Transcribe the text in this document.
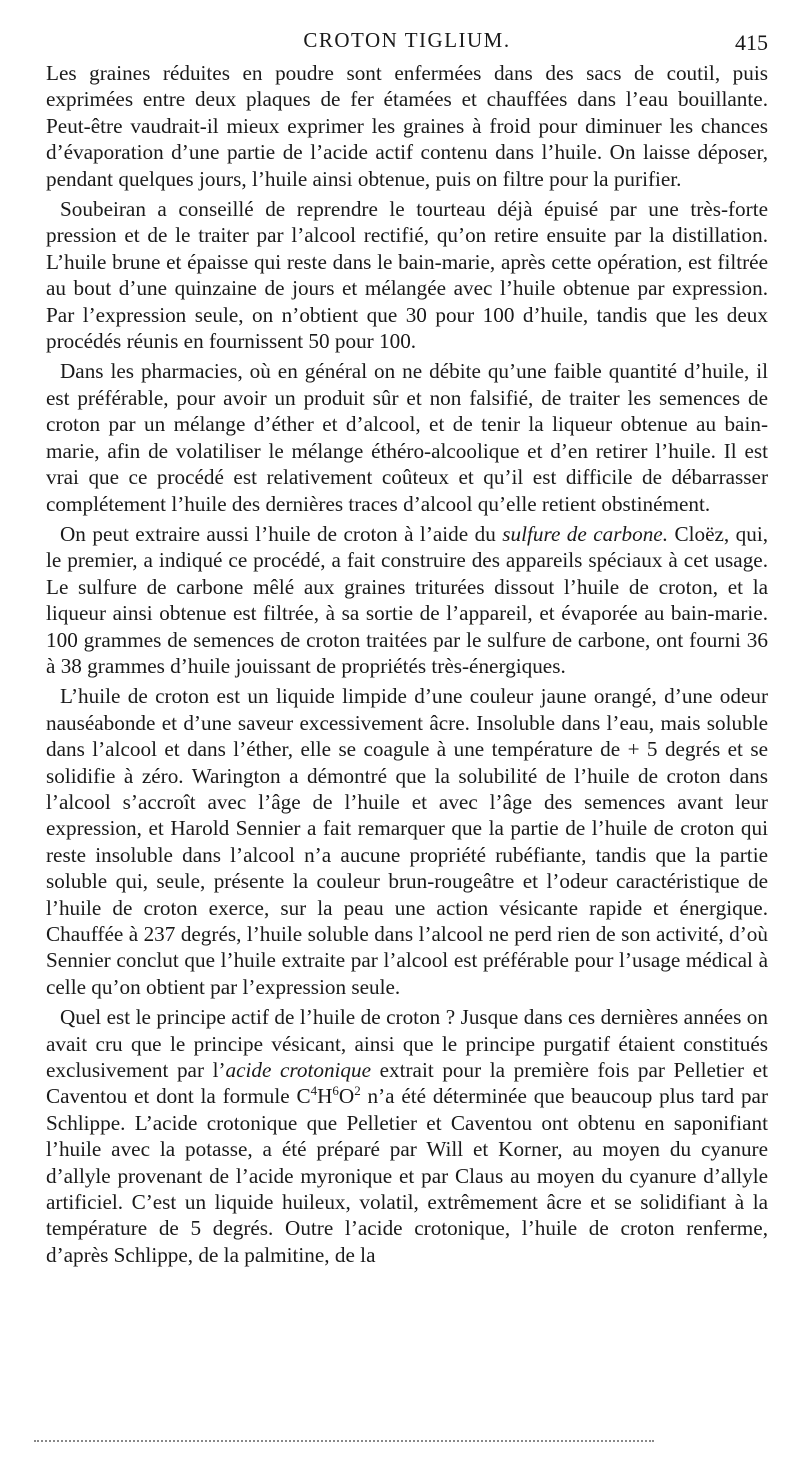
CROTON TIGLIUM.	415

Les graines réduites en poudre sont enfermées dans des sacs de coutil, puis exprimées entre deux plaques de fer étamées et chauffées dans l’eau bouillante. Peut-être vaudrait-il mieux exprimer les graines à froid pour diminuer les chances d’évaporation d’une partie de l’acide actif contenu dans l’huile. On laisse déposer, pendant quelques jours, l’huile ainsi obtenue, puis on filtre pour la purifier.

Soubeiran a conseillé de reprendre le tourteau déjà épuisé par une très-forte pression et de le traiter par l’alcool rectifié, qu’on retire ensuite par la distillation. L’huile brune et épaisse qui reste dans le bain-marie, après cette opération, est filtrée au bout d’une quinzaine de jours et mélangée avec l’huile obtenue par expression. Par l’expression seule, on n’obtient que 30 pour 100 d’huile, tandis que les deux procédés réunis en fournissent 50 pour 100.

Dans les pharmacies, où en général on ne débite qu’une faible quantité d’huile, il est préférable, pour avoir un produit sûr et non falsifié, de traiter les semences de croton par un mélange d’éther et d’alcool, et de tenir la liqueur obtenue au bain-marie, afin de volatiliser le mélange éthéro-alcoolique et d’en retirer l’huile. Il est vrai que ce procédé est relativement coûteux et qu’il est difficile de débarrasser complétement l’huile des dernières traces d’alcool qu’elle retient obstinément.

On peut extraire aussi l’huile de croton à l’aide du sulfure de carbone. Cloëz, qui, le premier, a indiqué ce procédé, a fait construire des appareils spéciaux à cet usage. Le sulfure de carbone mêlé aux graines triturées dissout l’huile de croton, et la liqueur ainsi obtenue est filtrée, à sa sortie de l’appareil, et évaporée au bain-marie. 100 grammes de semences de croton traitées par le sulfure de carbone, ont fourni 36 à 38 grammes d’huile jouissant de propriétés très-énergiques.

L’huile de croton est un liquide limpide d’une couleur jaune orangé, d’une odeur nauséabonde et d’une saveur excessivement âcre. Insoluble dans l’eau, mais soluble dans l’alcool et dans l’éther, elle se coagule à une température de + 5 degrés et se solidifie à zéro. Warington a démontré que la solubilité de l’huile de croton dans l’alcool s’accroît avec l’âge de l’huile et avec l’âge des semences avant leur expression, et Harold Sennier a fait remarquer que la partie de l’huile de croton qui reste insoluble dans l’alcool n’a aucune propriété rubéfiante, tandis que la partie soluble qui, seule, présente la couleur brun-rougeâtre et l’odeur caractéristique de l’huile de croton exerce, sur la peau une action vésicante rapide et énergique. Chauffée à 237 degrés, l’huile soluble dans l’alcool ne perd rien de son activité, d’où Sennier conclut que l’huile extraite par l’alcool est préférable pour l’usage médical à celle qu’on obtient par l’expression seule.

Quel est le principe actif de l’huile de croton ? Jusque dans ces dernières années on avait cru que le principe vésicant, ainsi que le principe purgatif étaient constitués exclusivement par l’acide crotonique extrait pour la première fois par Pelletier et Caventou et dont la formule $C^4H^6O^2$ n’a été déterminée que beaucoup plus tard par Schlippe. L’acide crotonique que Pelletier et Caventou ont obtenu en saponifiant l’huile avec la potasse, a été préparé par Will et Korner, au moyen du cyanure d’allyle provenant de l’acide myronique et par Claus au moyen du cyanure d’allyle artificiel. C’est un liquide huileux, volatil, extrêmement âcre et se solidifiant à la température de 5 degrés. Outre l’acide crotonique, l’huile de croton renferme, d’après Schlippe, de la palmitine, de la
